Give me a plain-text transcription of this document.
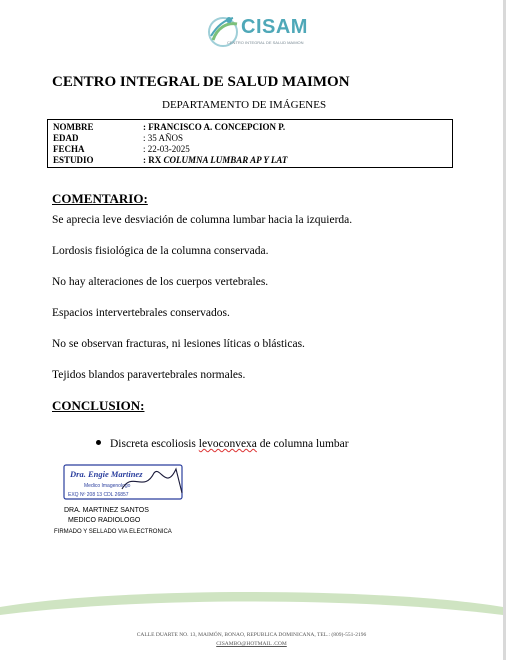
CISAM
CENTRO INTEGRAL DE SALUD MAIMON
CENTRO INTEGRAL DE SALUD MAIMON
DEPARTAMENTO DE IMÁGENES
NOMBRE	: FRANCISCO A. CONCEPCION P.
EDAD	: 35 AÑOS
FECHA	: 22-03-2025
ESTUDIO	: RX COLUMNA LUMBAR AP Y LAT
COMENTARIO:
Se aprecia leve desviación de columna lumbar hacia la izquierda.
Lordosis fisiológica de la columna conservada.
No hay alteraciones de los cuerpos vertebrales.
Espacios intervertebrales conservados.
No se observan fracturas, ni lesiones líticas o blásticas.
Tejidos blandos paravertebrales normales.
CONCLUSION:
Discreta escoliosis levoconvexa de columna lumbar
Dra. Engie Martinez
Medico Imagenologo
EXQ Nº 208 13 CDL 26857
DRA. MARTINEZ SANTOS
MEDICO RADIOLOGO
FIRMADO Y SELLADO VIA ELECTRONICA
CALLE DUARTE NO. 13, MAIMÓN, BONAO, REPUBLICA DOMINICANA, TEL.: (809)-551-2196
CISAMBO@HOTMAIL .COM
